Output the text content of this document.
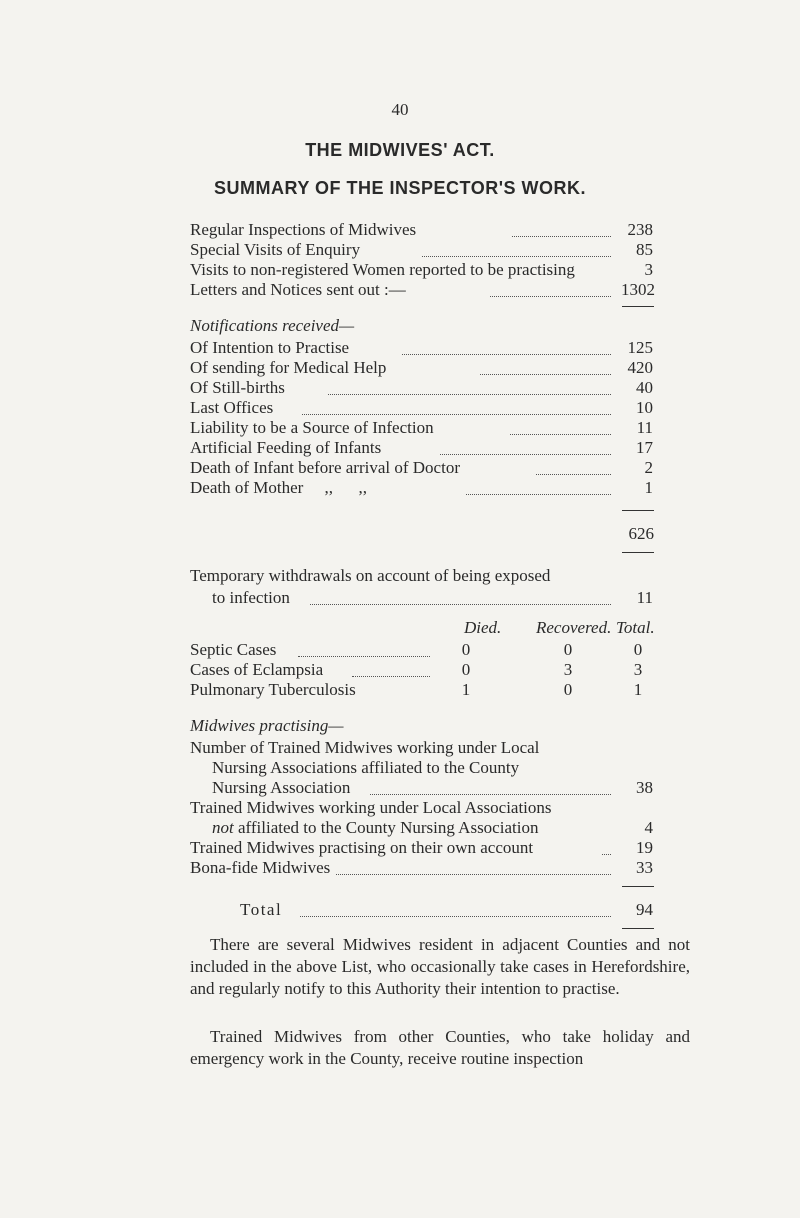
40
THE MIDWIVES' ACT.
SUMMARY OF THE INSPECTOR'S WORK.
Regular Inspections of Midwives	238
Special Visits of Enquiry	85
Visits to non-registered Women reported to be practising	3
Letters and Notices sent out :—	1302
Notifications received—
Of Intention to Practise	125
Of sending for Medical Help	420
Of Still-births	40
Last Offices	10
Liability to be a Source of Infection	11
Artificial Feeding of Infants	17
Death of Infant before arrival of Doctor	2
Death of Mother     ,,      ,,	1
626
Temporary withdrawals on account of being exposed
to infection	11
Died. Recovered. Total.
Septic Cases	0	0	0
Cases of Eclampsia	0	3	3
Pulmonary Tuberculosis	1	0	1
Midwives practising—
Number of Trained Midwives working under Local
Nursing Associations affiliated to the County
Nursing Association	38
Trained Midwives working under Local Associations
not affiliated to the County Nursing Association	4
Trained Midwives practising on their own account	19
Bona-fide Midwives	33
Total	94
There are several Midwives resident in adjacent Counties and not included in the above List, who occasionally take cases in Herefordshire, and regularly notify to this Authority their intention to practise.
Trained Midwives from other Counties, who take holiday and emergency work in the County, receive routine inspection
